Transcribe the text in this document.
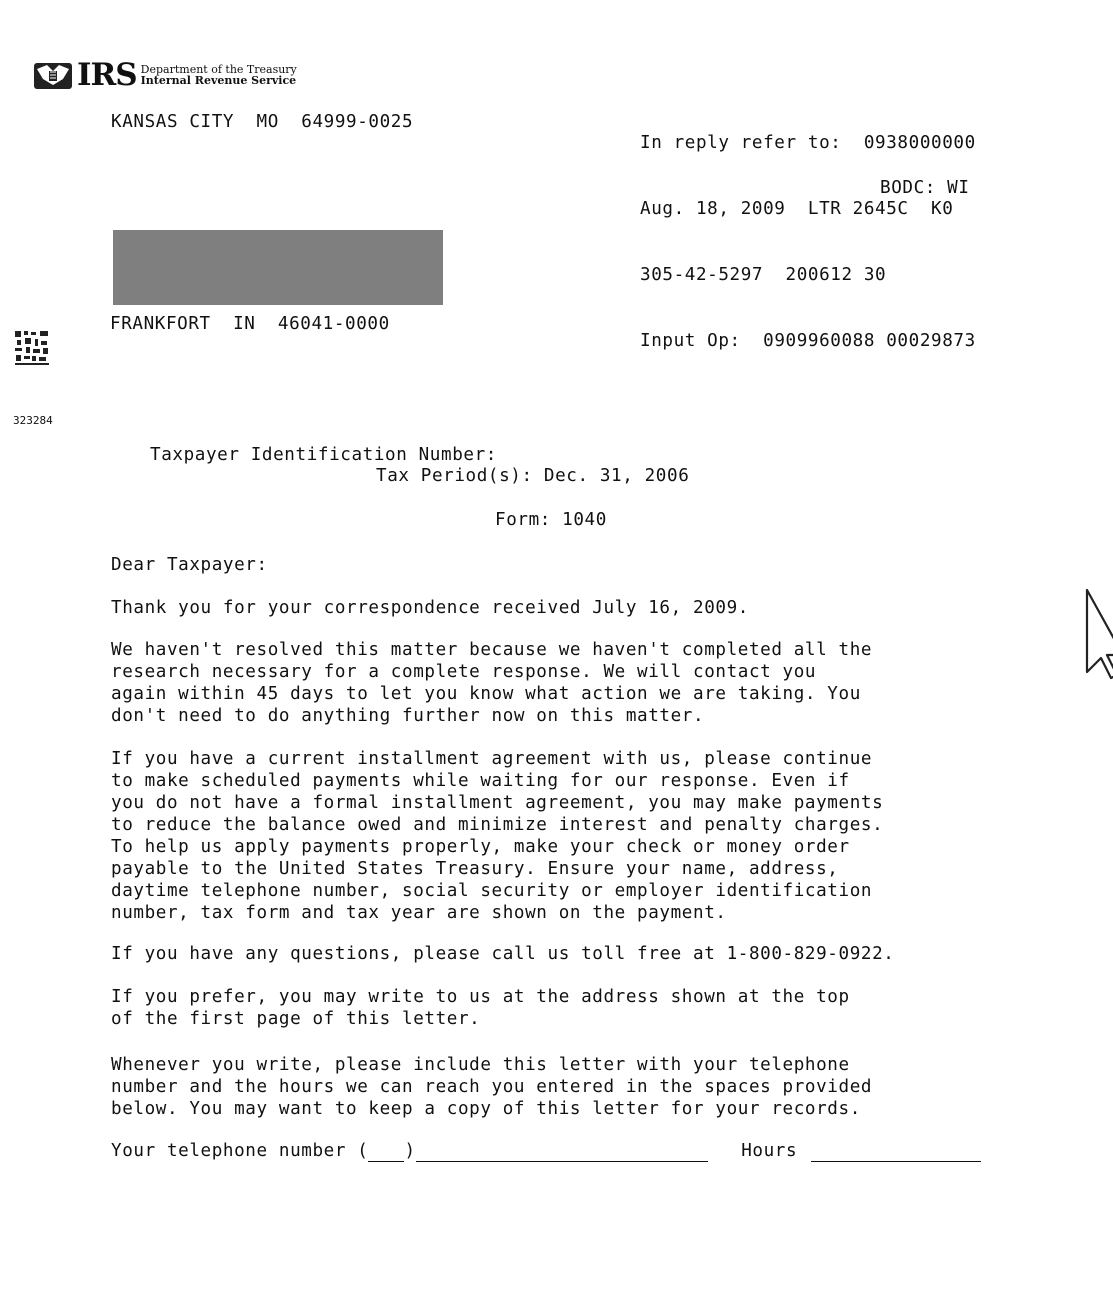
IRS Department of the Treasury
Internal Revenue Service
KANSAS CITY  MO  64999-0025

In reply refer to: 0938000000

Aug. 18, 2009  LTR 2645C  K0

305-42-5297  200612 30

Input Op: 0909960088 00029873

BODC: WI
FRANKFORT  IN  46041-0000
323284
Taxpayer Identification Number:
Tax Period(s): Dec. 31, 2006
Form: 1040
Dear Taxpayer:
Thank you for your correspondence received July 16, 2009.
We haven't resolved this matter because we haven't completed all the
research necessary for a complete response. We will contact you
again within 45 days to let you know what action we are taking. You
don't need to do anything further now on this matter.
If you have a current installment agreement with us, please continue
to make scheduled payments while waiting for our response. Even if
you do not have a formal installment agreement, you may make payments
to reduce the balance owed and minimize interest and penalty charges.
To help us apply payments properly, make your check or money order
payable to the United States Treasury. Ensure your name, address,
daytime telephone number, social security or employer identification
number, tax form and tax year are shown on the payment.
If you have any questions, please call us toll free at 1-800-829-0922.
If you prefer, you may write to us at the address shown at the top
of the first page of this letter.
Whenever you write, please include this letter with your telephone
number and the hours we can reach you entered in the spaces provided
below. You may want to keep a copy of this letter for your records.
Your telephone number ( )
	Hours
